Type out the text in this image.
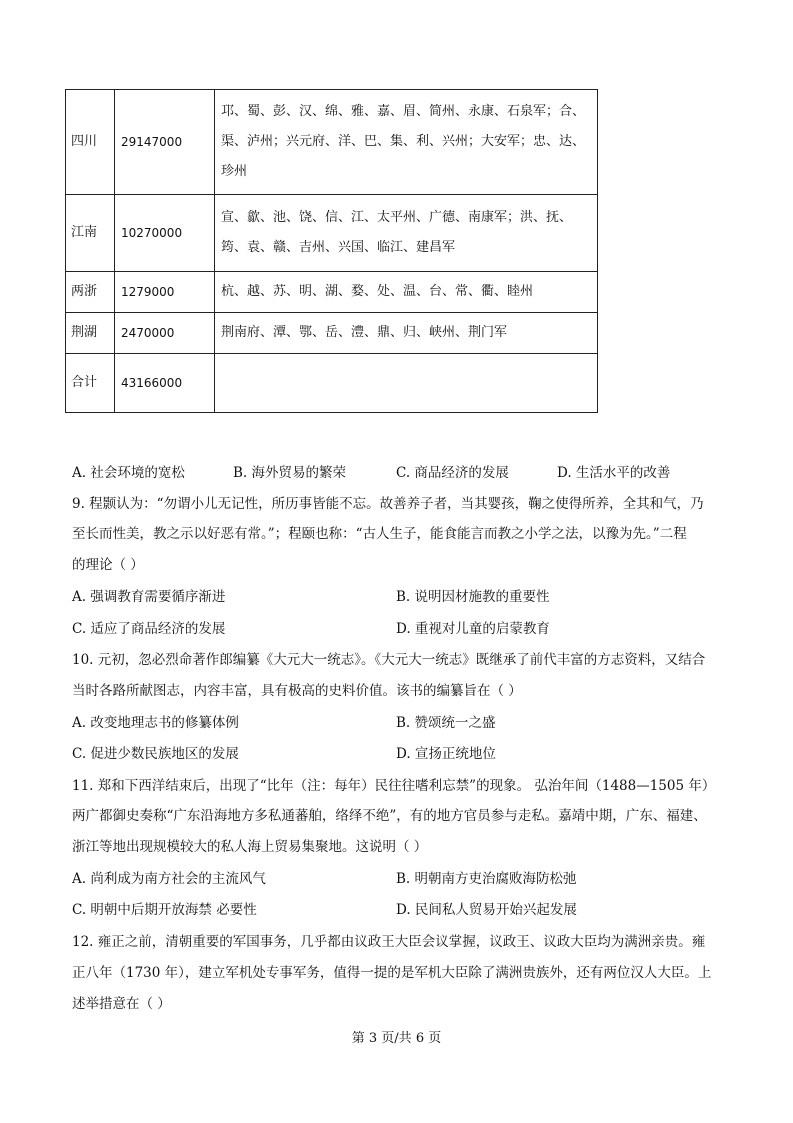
四川	29147000	邛、蜀、彭、汉、绵、雅、嘉、眉、简州、永康、石泉军；合、
渠、泸州；兴元府、洋、巴、集、利、兴州；大安军；忠、达、
珍州

江南	10270000	宣、歙、池、饶、信、江、太平州、广德、南康军；洪、抚、
筠、袁、赣、吉州、兴国、临江、建昌军

两浙	1279000	杭、越、苏、明、湖、婺、处、温、台、常、衢、睦州

荆湖	2470000	荆南府、潭、鄂、岳、澧、鼎、归、峡州、荆门军

合计	43166000	
A. 社会环境的宽松	B. 海外贸易的繁荣	C. 商品经济的发展	D. 生活水平的改善
9. 程颢认为：“勿谓小儿无记性，所历事皆能不忘。故善养子者，当其婴孩，鞠之使得所养，全其和气，乃
至长而性美，教之示以好恶有常。”；程颐也称：“古人生子，能食能言而教之小学之法，以豫为先。”二程
的理论（ ）
A. 强调教育需要循序渐进	B. 说明因材施教的重要性
C. 适应了商品经济的发展	D. 重视对儿童的启蒙教育
10. 元初，忽必烈命著作郎编纂《大元大一统志》。《大元大一统志》既继承了前代丰富的方志资料，又结合
当时各路所献图志，内容丰富，具有极高的史料价值。该书的编纂旨在（ ）
A. 改变地理志书的修纂体例	B. 赞颂统一之盛
C. 促进少数民族地区的发展	D. 宣扬正统地位
11. 郑和下西洋结束后，出现了“比年（注：每年）民往往嗜利忘禁”的现象。 弘治年间（1488—1505 年）
两广都御史奏称“广东沿海地方多私通蕃舶，络绎不绝”，有的地方官员参与走私。嘉靖中期，广东、福建、
浙江等地出现规模较大的私人海上贸易集聚地。这说明（ ）
A. 尚利成为南方社会的主流风气	B. 明朝南方吏治腐败海防松弛
C. 明朝中后期开放海禁 必要性	D. 民间私人贸易开始兴起发展
12. 雍正之前，清朝重要的军国事务，几乎都由议政王大臣会议掌握，议政王、议政大臣均为满洲亲贵。雍
正八年（1730 年），建立军机处专事军务，值得一提的是军机大臣除了满洲贵族外，还有两位汉人大臣。上
述举措意在（ ）
第 3 页/共 6 页
